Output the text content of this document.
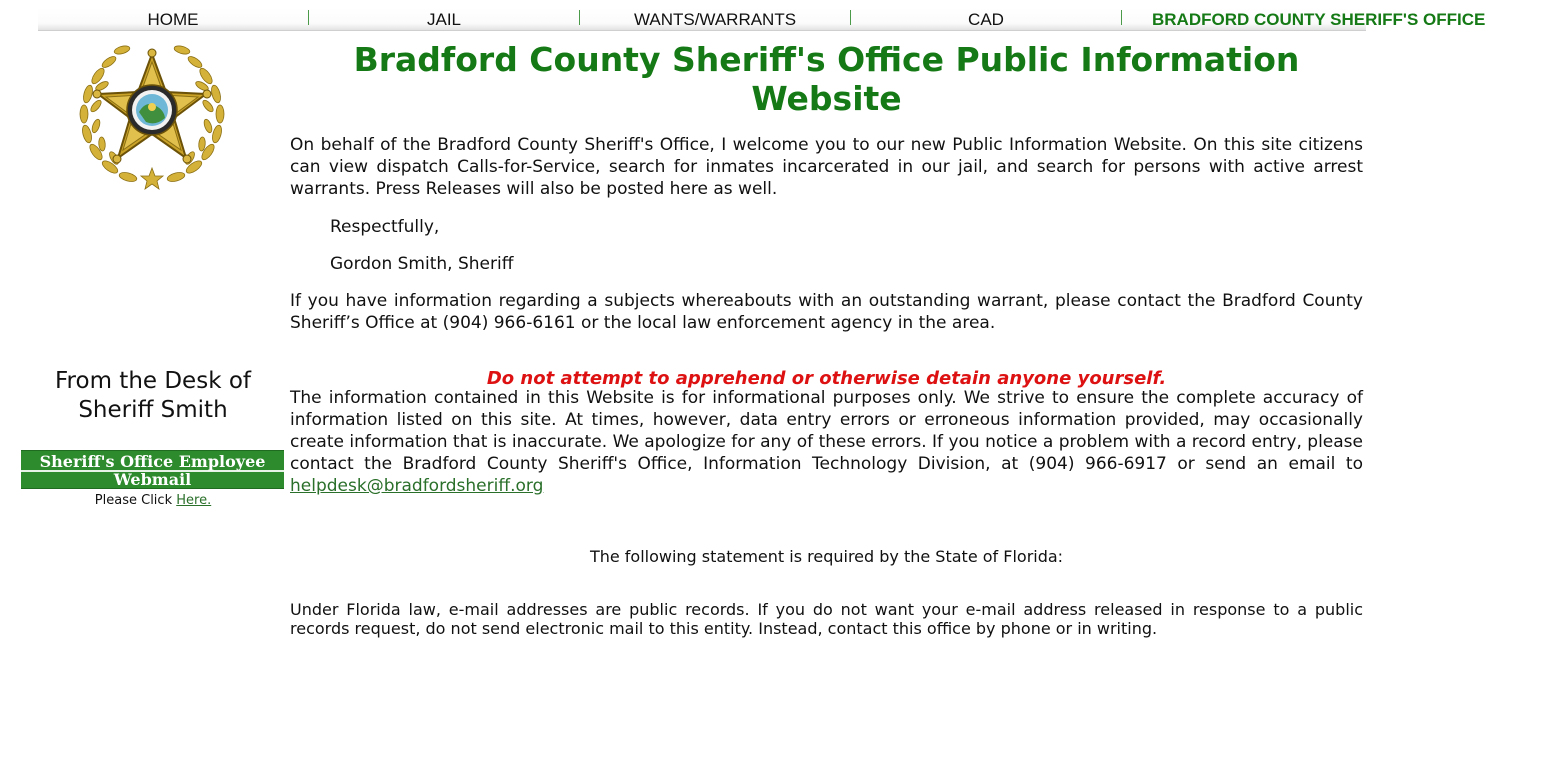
HOME	JAIL	WANTS/WARRANTS	CAD	BRADFORD COUNTY SHERIFF'S OFFICE
From the Desk of Sheriff Smith
Sheriff's Office Employee Webmail
Please Click Here.
Bradford County Sheriff's Office Public Information Website

On behalf of the Bradford County Sheriff's Office, I welcome you to our new Public Information Website. On this site citizens can view dispatch Calls-for-Service, search for inmates incarcerated in our jail, and search for persons with active arrest warrants. Press Releases will also be posted here as well.

Respectfully,

Gordon Smith, Sheriff

If you have information regarding a subjects whereabouts with an outstanding warrant, please contact the Bradford County Sheriff’s Office at (904) 966-6161 or the local law enforcement agency in the area.

Do not attempt to apprehend or otherwise detain anyone yourself.

The information contained in this Website is for informational purposes only. We strive to ensure the complete accuracy of information listed on this site. At times, however, data entry errors or erroneous information provided, may occasionally create information that is inaccurate. We apologize for any of these errors. If you notice a problem with a record entry, please contact the Bradford County Sheriff's Office, Information Technology Division, at (904) 966-6917 or send an email to helpdesk@bradfordsheriff.org

The following statement is required by the State of Florida:

Under Florida law, e-mail addresses are public records. If you do not want your e-mail address released in response to a public records request, do not send electronic mail to this entity. Instead, contact this office by phone or in writing.
